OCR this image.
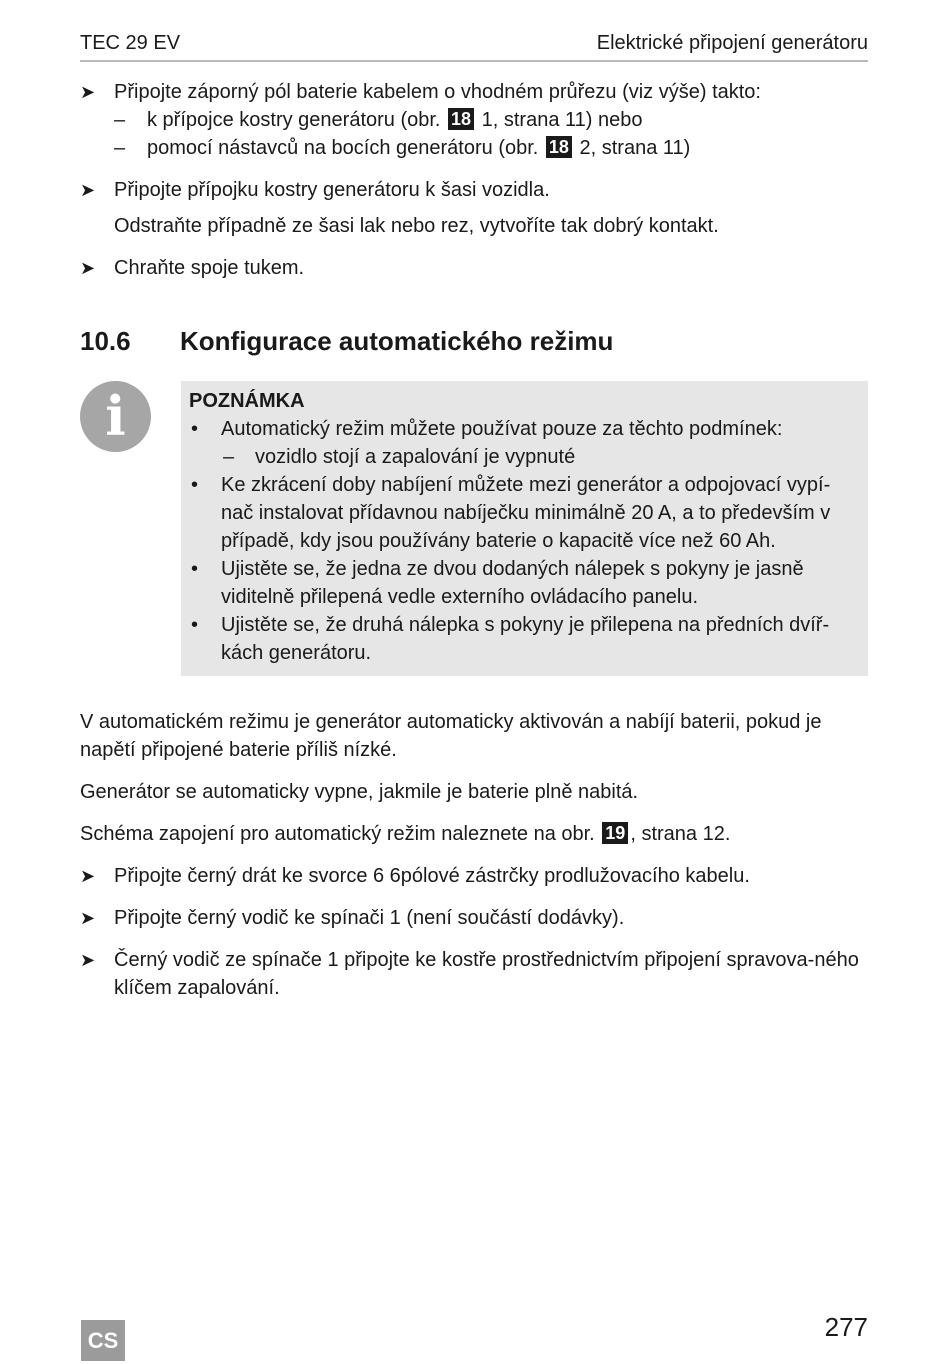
TEC 29 EV	Elektrické připojení generátoru
➤ Připojte záporný pól baterie kabelem o vhodném průřezu (viz výše) takto:
– k přípojce kostry generátoru (obr. 18 1, strana 11) nebo
– pomocí nástavců na bocích generátoru (obr. 18 2, strana 11)
➤ Připojte přípojku kostry generátoru k šasi vozidla.

Odstraňte případně ze šasi lak nebo rez, vytvoříte tak dobrý kontakt.

➤ Chraňte spoje tukem.
10.6 Konfigurace automatického režimu
i	POZNÁMKA
• Automatický režim můžete používat pouze za těchto podmínek:
– vozidlo stojí a zapalování je vypnuté
• Ke zkrácení doby nabíjení můžete mezi generátor a odpojovací vypí-nač instalovat přídavnou nabíječku minimálně 20 A, a to především v případě, kdy jsou používány baterie o kapacitě více než 60 Ah.
• Ujistěte se, že jedna ze dvou dodaných nálepek s pokyny je jasně viditelně přilepená vedle externího ovládacího panelu.
• Ujistěte se, že druhá nálepka s pokyny je přilepena na předních dvíř-kách generátoru.

V automatickém režimu je generátor automaticky aktivován a nabíjí baterii, pokud je napětí připojené baterie příliš nízké.

Generátor se automaticky vypne, jakmile je baterie plně nabitá.

Schéma zapojení pro automatický režim naleznete na obr. 19 , strana 12.

➤ Připojte černý drát ke svorce 6 6pólové zástrčky prodlužovacího kabelu.
➤ Připojte černý vodič ke spínači 1 (není součástí dodávky).
➤ Černý vodič ze spínače 1 připojte ke kostře prostřednictvím připojení spravova-ného klíčem zapalování.
CS	277
